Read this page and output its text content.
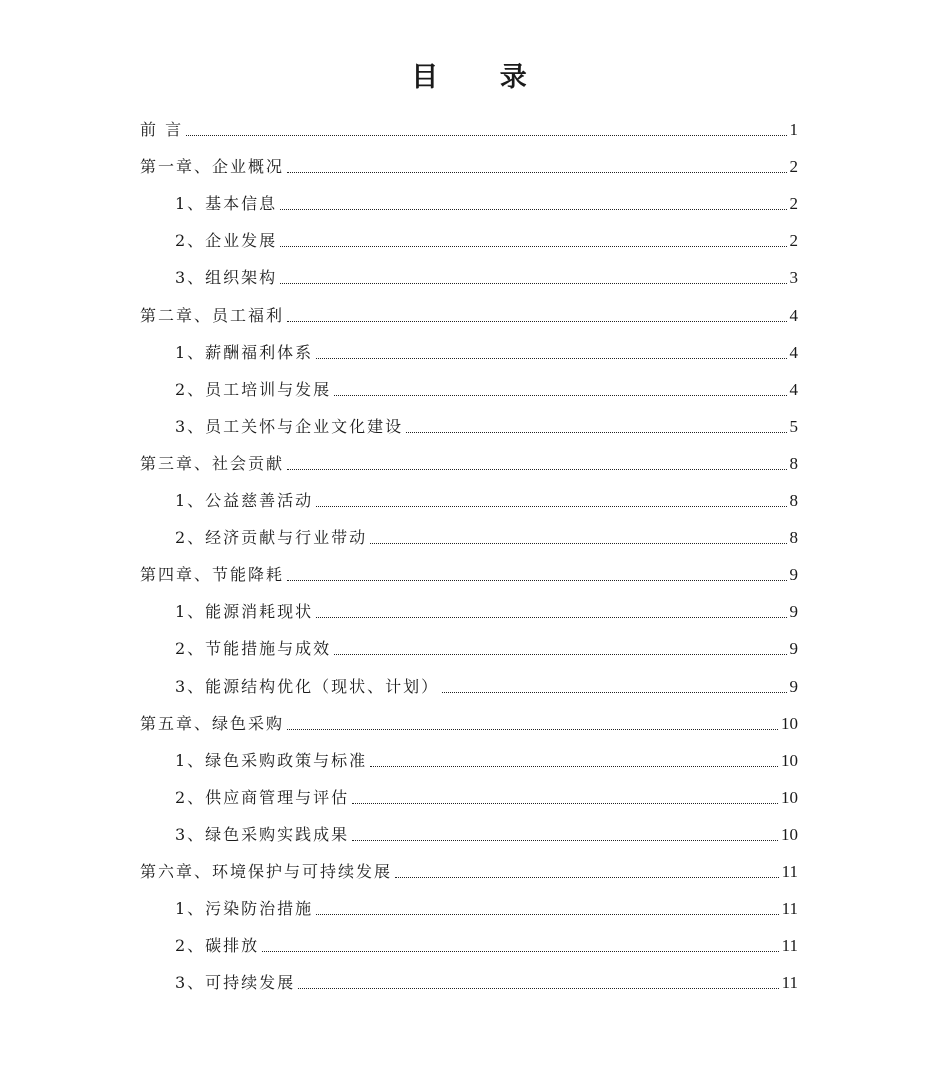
目 录
前 言	1
第一章、企业概况	2
1、基本信息	2
2、企业发展	2
3、组织架构	3
第二章、员工福利	4
1、薪酬福利体系	4
2、员工培训与发展	4
3、员工关怀与企业文化建设	5
第三章、社会贡献	8
1、公益慈善活动	8
2、经济贡献与行业带动	8
第四章、节能降耗	9
1、能源消耗现状	9
2、节能措施与成效	9
3、能源结构优化（现状、计划）	9
第五章、绿色采购	10
1、绿色采购政策与标准	10
2、供应商管理与评估	10
3、绿色采购实践成果	10
第六章、环境保护与可持续发展	11
1、污染防治措施	11
2、碳排放	11
3、可持续发展	11
